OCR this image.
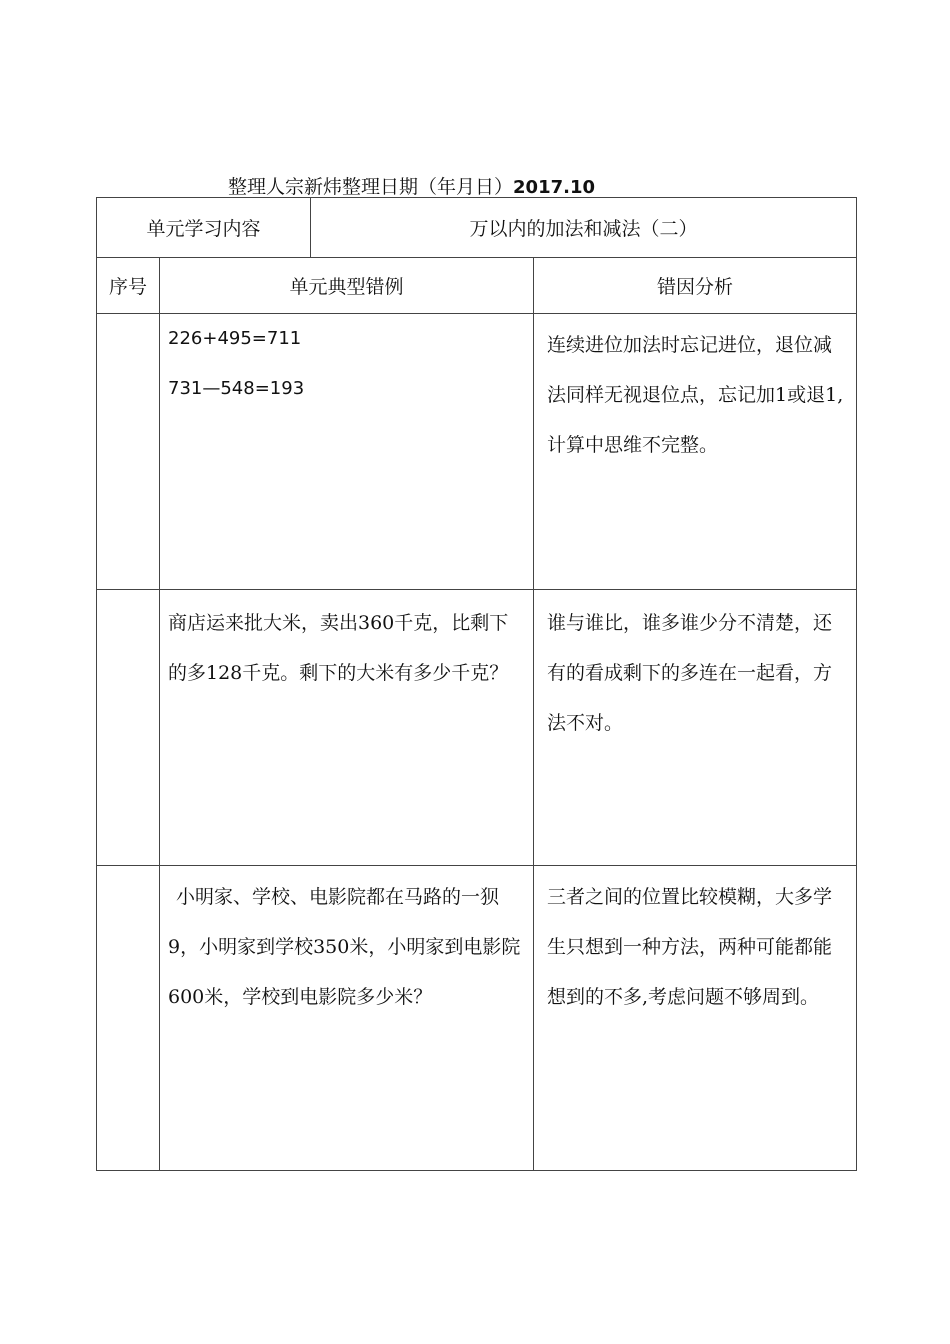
整理人宗新炜整理日期（年月日）2017.10
单元学习内容		万以内的加法和减法（二）	
序号	单元典型错例		错因分析

	226+495=711
731—548=193		连续进位加法时忘记进位，退位减法同样无视退位点，忘记加1或退1,计算中思维不完整。

	商店运来批大米，卖出360千克，比剩下的多128千克。剩下的大米有多少千克？		谁与谁比，谁多谁少分不清楚，还有的看成剩下的多连在一起看，方法不对。

	小明家、学校、电影院都在马路的一狈9，小明家到学校350米，小明家到电影院600米，学校到电影院多少米？		三者之间的位置比较模糊，大多学生只想到一种方法，两种可能都能想到的不多,考虑问题不够周到。
